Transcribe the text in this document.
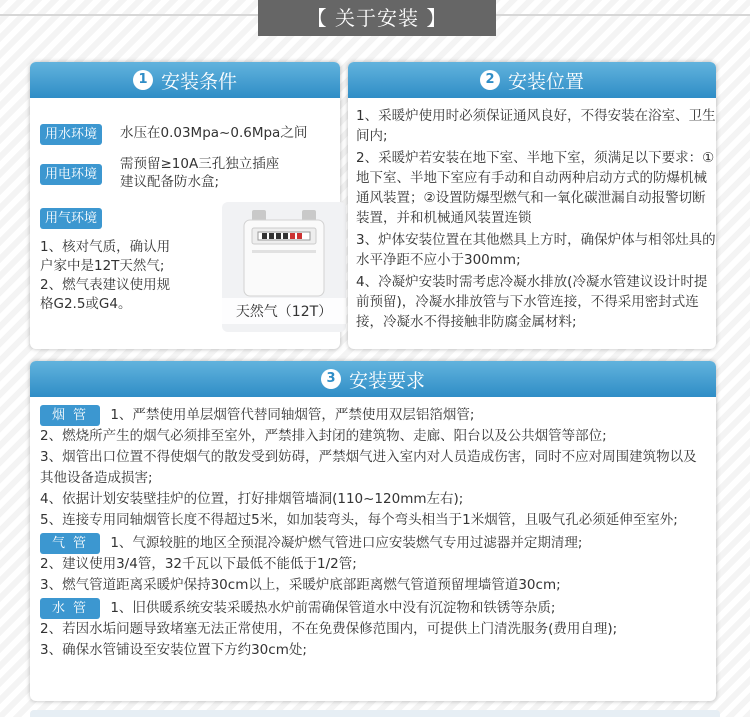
【 关于安装 】
1 安装条件
用水环境	水压在0.03Mpa~0.6Mpa之间
用电环境
需预留≥10A三孔独立插座
建议配备防水盒;
用气环境
1、核对气质，确认用
户家中是12T天然气;
2、燃气表建议使用规
格G2.5或G4。	天然气（12T）
2 安装位置

1、采暖炉使用时必须保证通风良好，不得安装在浴室、卫生间内;

2、采暖炉若安装在地下室、半地下室，须满足以下要求：①地下室、半地下室应有手动和自动两种启动方式的防爆机械通风装置；②设置防爆型燃气和一氧化碳泄漏自动报警切断装置，并和机械通风装置连锁

3、炉体安装位置在其他燃具上方时，确保炉体与相邻灶具的水平净距不应小于300mm;

4、冷凝炉安装时需考虑冷凝水排放(冷凝水管建议设计时提前预留)，冷凝水排放管与下水管连接，不得采用密封式连接，冷凝水不得接触非防腐金属材料;

3 安装要求

烟管 1、严禁使用单层烟管代替同轴烟管，严禁使用双层铝箔烟管;

2、燃烧所产生的烟气必须排至室外，严禁排入封闭的建筑物、走廊、阳台以及公共烟管等部位;

3、烟管出口位置不得使烟气的散发受到妨碍，严禁烟气进入室内对人员造成伤害，同时不应对周围建筑物以及其他设备造成损害;

4、依据计划安装壁挂炉的位置，打好排烟管墙洞(110~120mm左右);

5、连接专用同轴烟管长度不得超过5米，如加装弯头，每个弯头相当于1米烟管，且吸气孔必须延伸至室外;

气管 1、气源较脏的地区全预混冷凝炉燃气管进口应安装燃气专用过滤器并定期清理;

2、建议使用3/4管，32千瓦以下最低不能低于1/2管;

3、燃气管道距离采暖炉保持30cm以上，采暖炉底部距离燃气管道预留埋墙管道30cm;

水管 1、旧供暖系统安装采暖热水炉前需确保管道水中没有沉淀物和铁锈等杂质;

2、若因水垢问题导致堵塞无法正常使用，不在免费保修范围内，可提供上门清洗服务(费用自理);

3、确保水管铺设至安装位置下方约30cm处;
